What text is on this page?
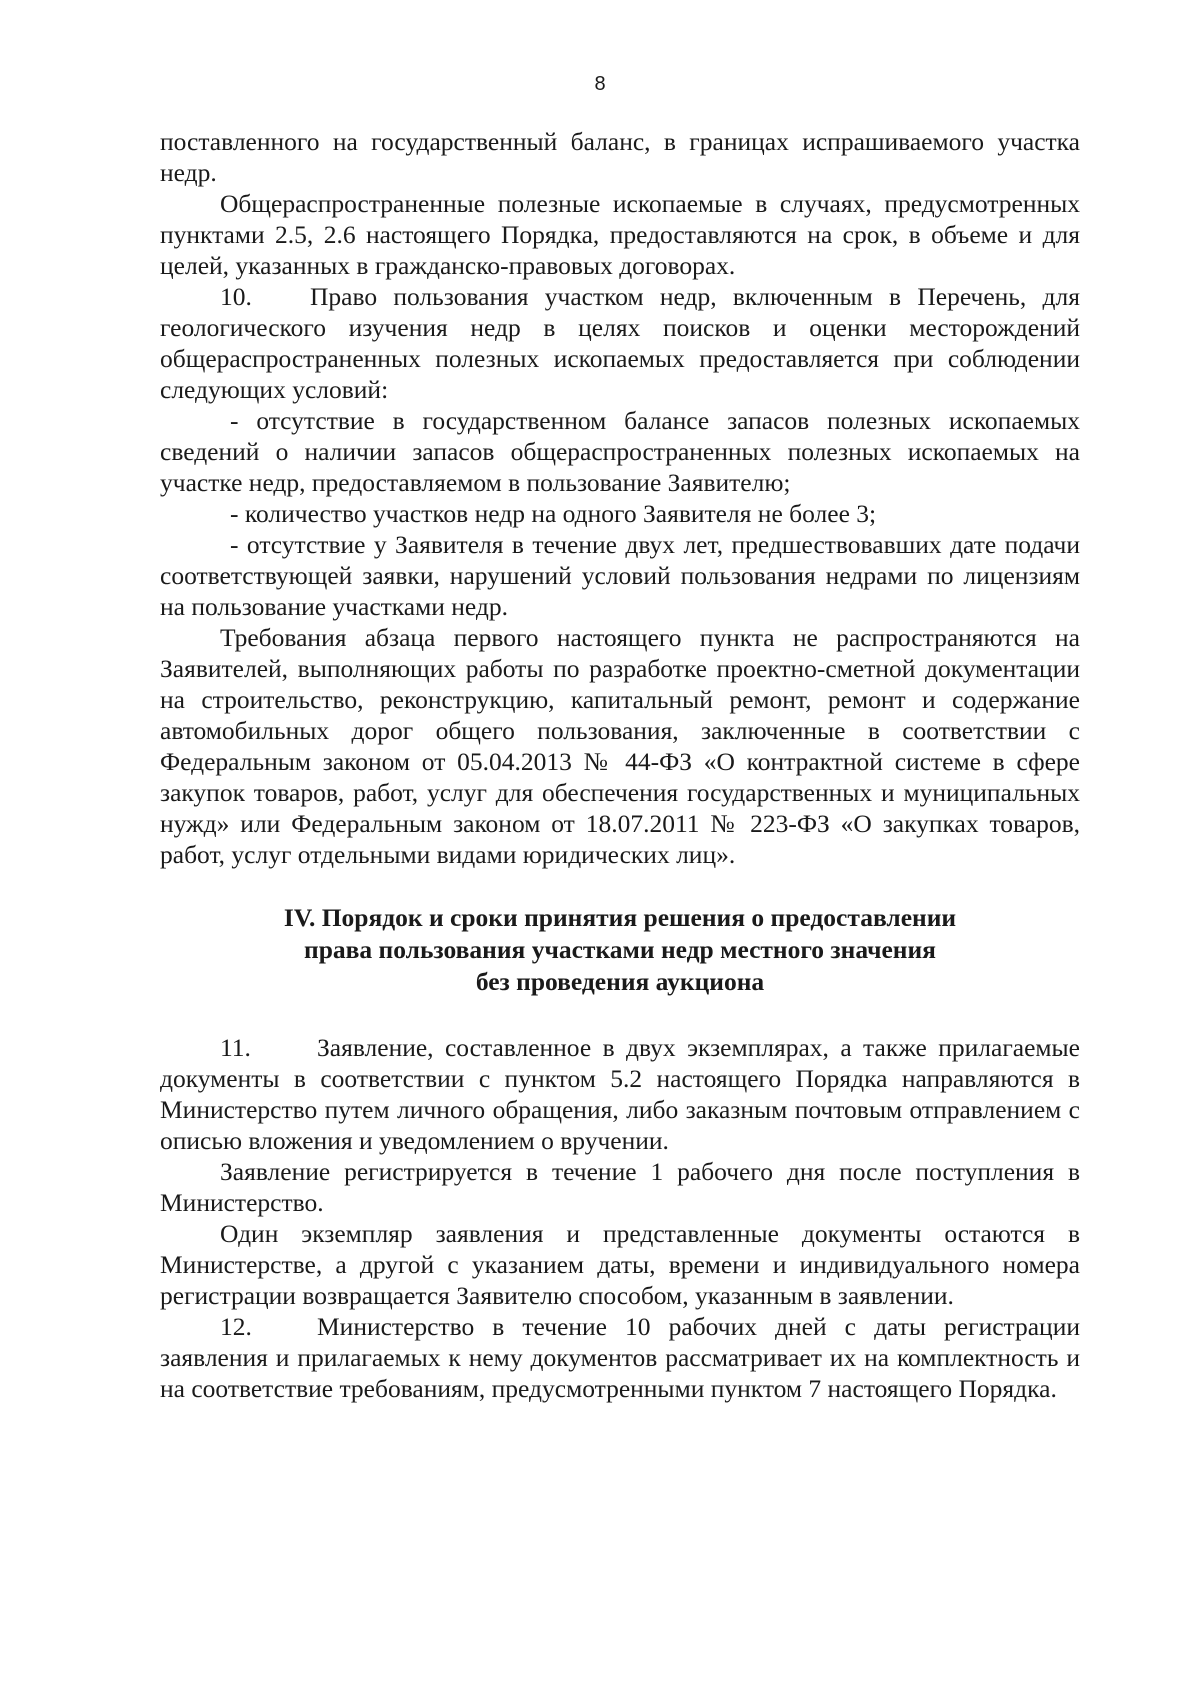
8

поставленного на государственный баланс, в границах испрашиваемого участка недр.

Общераспространенные полезные ископаемые в случаях, предусмотренных пунктами 2.5, 2.6 настоящего Порядка, предоставляются на срок, в объеме и для целей, указанных в гражданско-правовых договорах.

10. Право пользования участком недр, включенным в Перечень, для геологического изучения недр в целях поисков и оценки месторождений общераспространенных полезных ископаемых предоставляется при соблюдении следующих условий:

- отсутствие в государственном балансе запасов полезных ископаемых сведений о наличии запасов общераспространенных полезных ископаемых на участке недр, предоставляемом в пользование Заявителю;

- количество участков недр на одного Заявителя не более 3;

- отсутствие у Заявителя в течение двух лет, предшествовавших дате подачи соответствующей заявки, нарушений условий пользования недрами по лицензиям на пользование участками недр.

Требования абзаца первого настоящего пункта не распространяются на Заявителей, выполняющих работы по разработке проектно-сметной документации на строительство, реконструкцию, капитальный ремонт, ремонт и содержание автомобильных дорог общего пользования, заключенные в соответствии с Федеральным законом от 05.04.2013 № 44-ФЗ «О контрактной системе в сфере закупок товаров, работ, услуг для обеспечения государственных и муниципальных нужд» или Федеральным законом от 18.07.2011 № 223-ФЗ «О закупках товаров, работ, услуг отдельными видами юридических лиц».

IV. Порядок и сроки принятия решения о предоставлении
права пользования участками недр местного значения
без проведения аукциона

11.	Заявление, составленное в двух экземплярах, а также прилагаемые документы в соответствии с пунктом 5.2 настоящего Порядка направляются в Министерство путем личного обращения, либо заказным почтовым отправлением с описью вложения и уведомлением о вручении.

Заявление регистрируется в течение 1 рабочего дня после поступления в Министерство.

Один экземпляр заявления и представленные документы остаются в Министерстве, а другой с указанием даты, времени и индивидуального номера регистрации возвращается Заявителю способом, указанным в заявлении.

12.	Министерство в течение 10 рабочих дней с даты регистрации заявления и прилагаемых к нему документов рассматривает их на комплектность и на соответствие требованиям, предусмотренными пунктом 7 настоящего Порядка.
